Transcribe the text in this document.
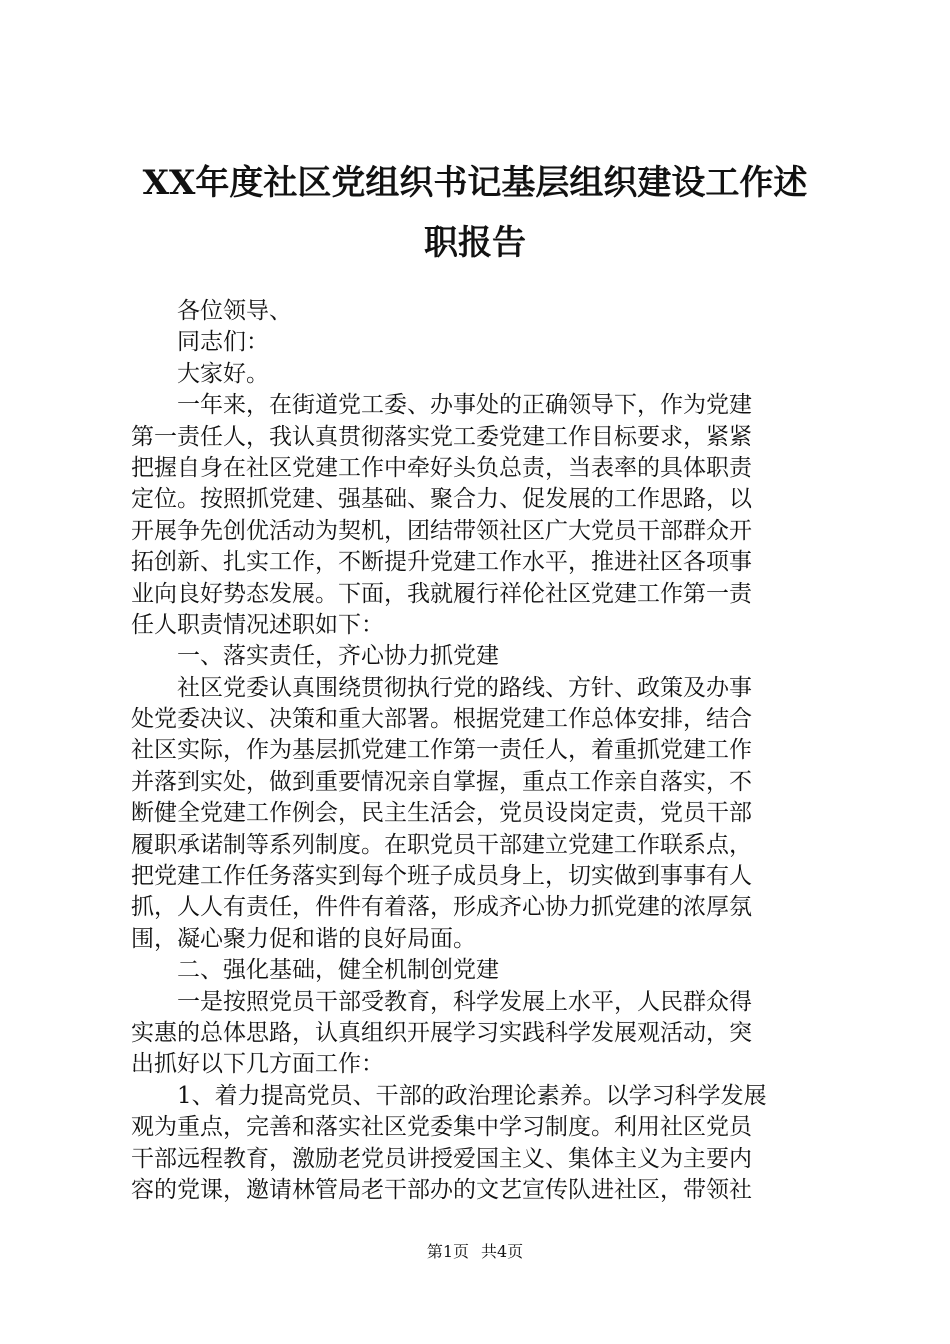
XX年度社区党组织书记基层组织建设工作述
职报告
　　各位领导、
　　同志们：
　　大家好。
　　一年来，在街道党工委、办事处的正确领导下，作为党建
第一责任人，我认真贯彻落实党工委党建工作目标要求，紧紧
把握自身在社区党建工作中牵好头负总责，当表率的具体职责
定位。按照抓党建、强基础、聚合力、促发展的工作思路，以
开展争先创优活动为契机，团结带领社区广大党员干部群众开
拓创新、扎实工作，不断提升党建工作水平，推进社区各项事
业向良好势态发展。下面，我就履行祥伦社区党建工作第一责
任人职责情况述职如下：
　　一、落实责任，齐心协力抓党建
　　社区党委认真围绕贯彻执行党的路线、方针、政策及办事
处党委决议、决策和重大部署。根据党建工作总体安排，结合
社区实际，作为基层抓党建工作第一责任人，着重抓党建工作
并落到实处，做到重要情况亲自掌握，重点工作亲自落实，不
断健全党建工作例会，民主生活会，党员设岗定责，党员干部
履职承诺制等系列制度。在职党员干部建立党建工作联系点，
把党建工作任务落实到每个班子成员身上，切实做到事事有人
抓，人人有责任，件件有着落，形成齐心协力抓党建的浓厚氛
围，凝心聚力促和谐的良好局面。
　　二、强化基础，健全机制创党建
　　一是按照党员干部受教育，科学发展上水平，人民群众得
实惠的总体思路，认真组织开展学习实践科学发展观活动，突
出抓好以下几方面工作：
　　1、着力提高党员、干部的政治理论素养。以学习科学发展
观为重点，完善和落实社区党委集中学习制度。利用社区党员
干部远程教育，激励老党员讲授爱国主义、集体主义为主要内
容的党课，邀请林管局老干部办的文艺宣传队进社区，带领社
第1页 共4页
